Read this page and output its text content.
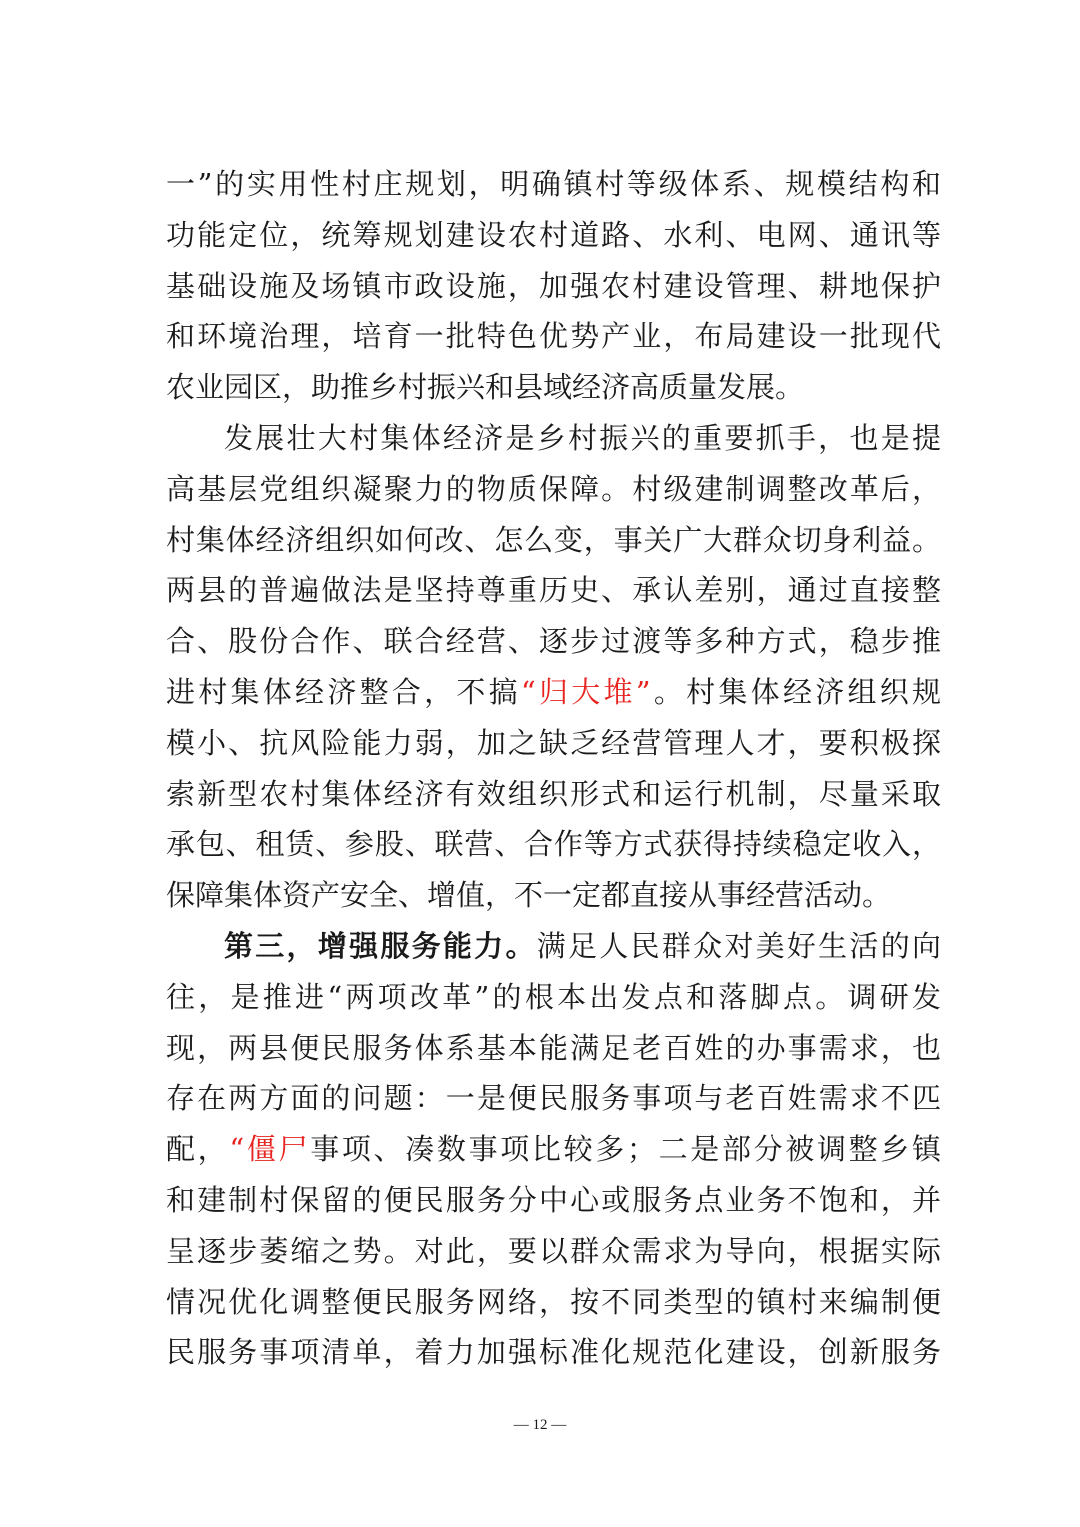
一”的实用性村庄规划，明确镇村等级体系、规模结构和
功能定位，统筹规划建设农村道路、水利、电网、通讯等
基础设施及场镇市政设施，加强农村建设管理、耕地保护
和环境治理，培育一批特色优势产业，布局建设一批现代
农业园区，助推乡村振兴和县域经济高质量发展。
发展壮大村集体经济是乡村振兴的重要抓手，也是提
高基层党组织凝聚力的物质保障。村级建制调整改革后，
村集体经济组织如何改、怎么变，事关广大群众切身利益。
两县的普遍做法是坚持尊重历史、承认差别，通过直接整
合、股份合作、联合经营、逐步过渡等多种方式，稳步推
进村集体经济整合，不搞“归大堆”。村集体经济组织规
模小、抗风险能力弱，加之缺乏经营管理人才，要积极探
索新型农村集体经济有效组织形式和运行机制，尽量采取
承包、租赁、参股、联营、合作等方式获得持续稳定收入，
保障集体资产安全、增值，不一定都直接从事经营活动。
第三，增强服务能力。满足人民群众对美好生活的向
往，是推进“两项改革”的根本出发点和落脚点。调研发
现，两县便民服务体系基本能满足老百姓的办事需求，也
存在两方面的问题：一是便民服务事项与老百姓需求不匹
配，“僵尸事项、凑数事项比较多；二是部分被调整乡镇
和建制村保留的便民服务分中心或服务点业务不饱和，并
呈逐步萎缩之势。对此，要以群众需求为导向，根据实际
情况优化调整便民服务网络，按不同类型的镇村来编制便
民服务事项清单，着力加强标准化规范化建设，创新服务
— 12 —
